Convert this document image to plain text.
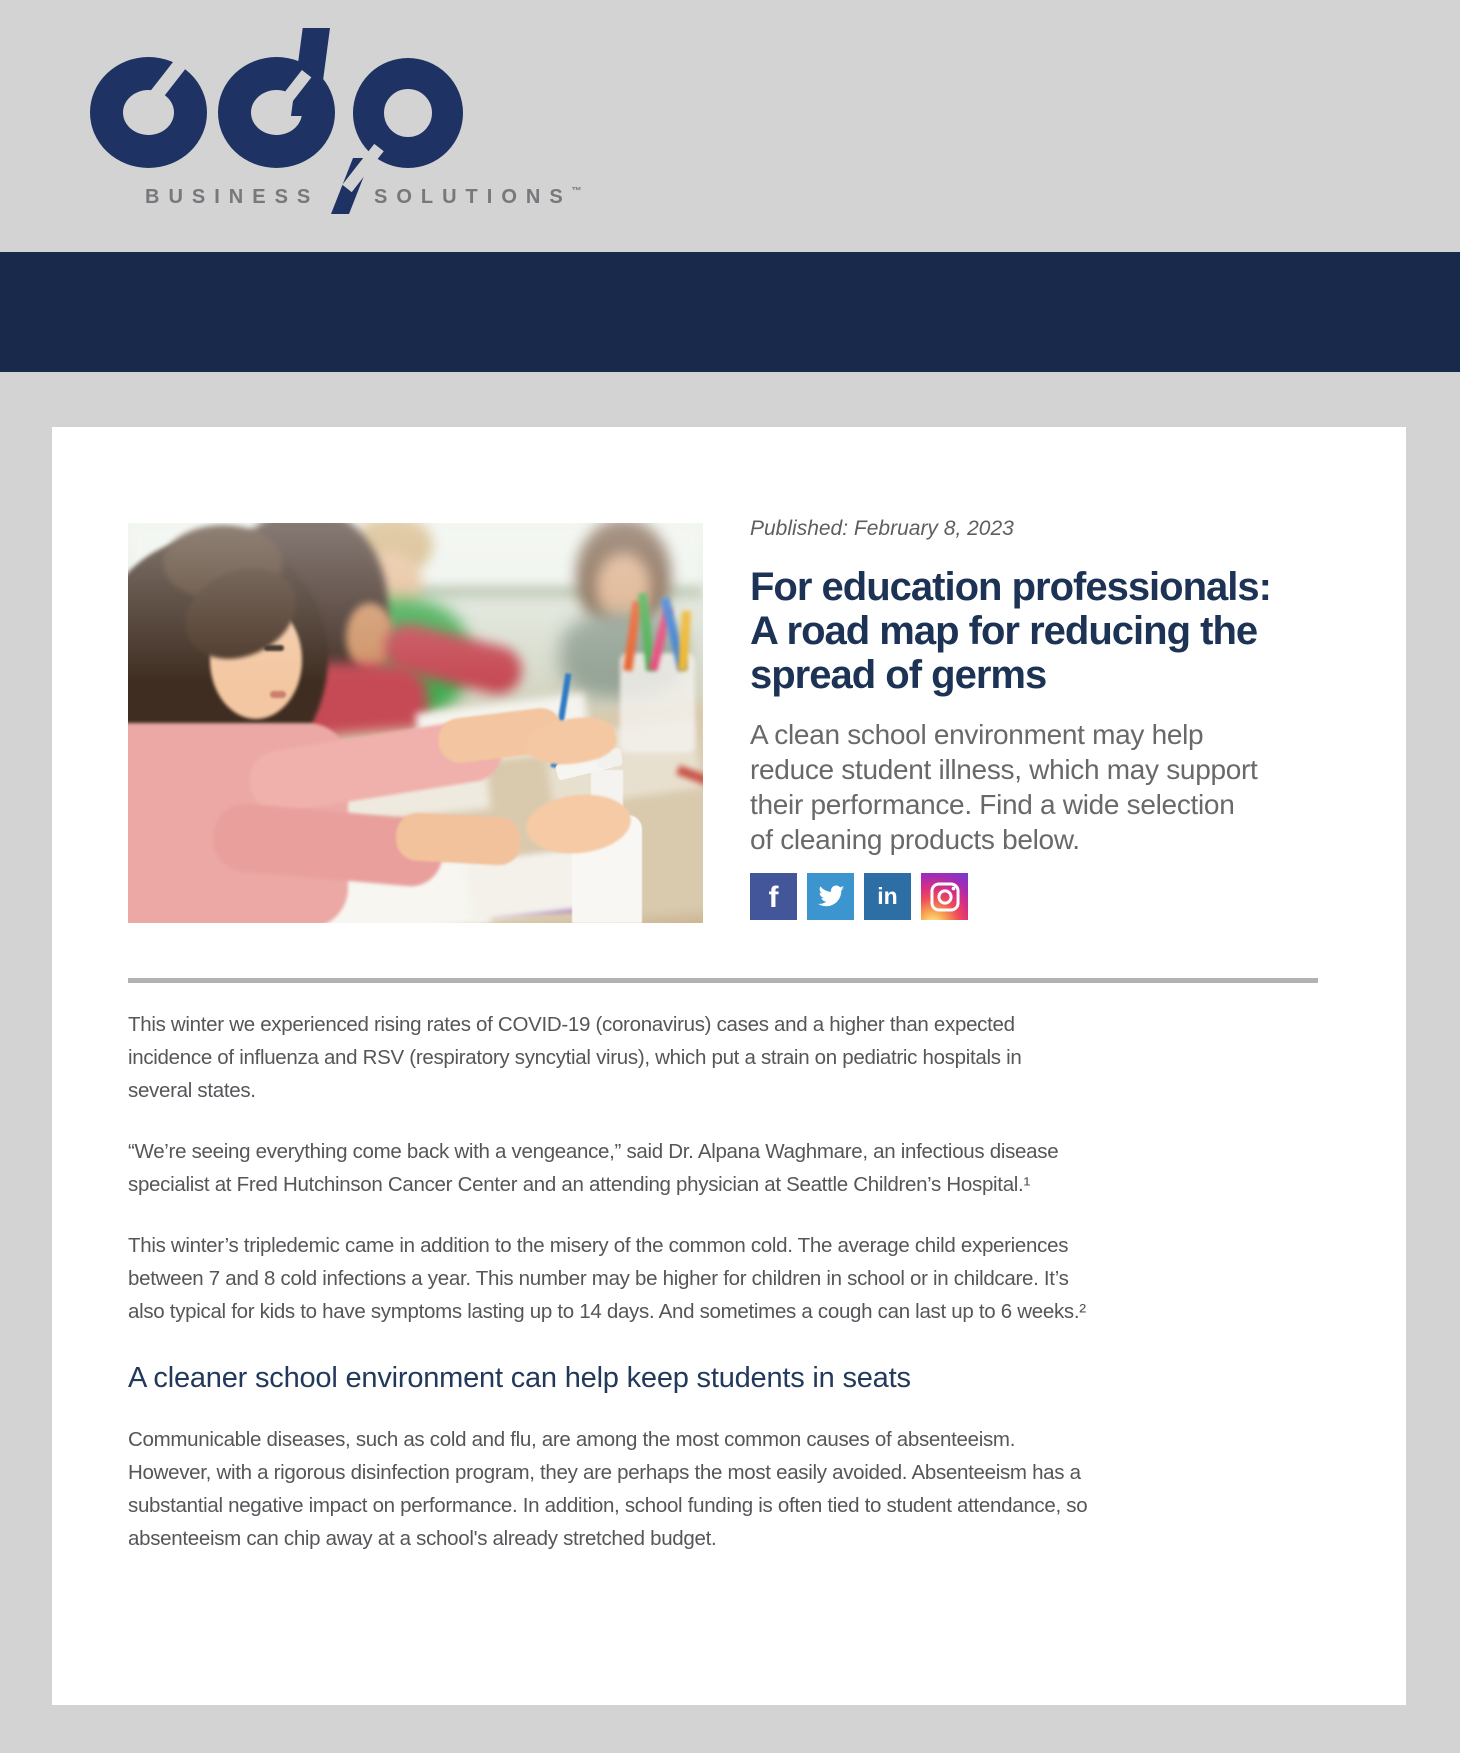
BUSINESS	SOLUTIONS™

Published: February 8, 2023

For education professionals:
A road map for reducing the
spread of germs
A clean school environment may help
reduce student illness, which may support
their performance. Find a wide selection
of cleaning products below.
f	in

This winter we experienced rising rates of COVID-19 (coronavirus) cases and a higher than expected incidence of influenza and RSV (respiratory syncytial virus), which put a strain on pediatric hospitals in several states.

“We’re seeing everything come back with a vengeance,” said Dr. Alpana Waghmare, an infectious disease specialist at Fred Hutchinson Cancer Center and an attending physician at Seattle Children’s Hospital.¹

This winter’s tripledemic came in addition to the misery of the common cold. The average child experiences between 7 and 8 cold infections a year. This number may be higher for children in school or in childcare. It’s also typical for kids to have symptoms lasting up to 14 days. And sometimes a cough can last up to 6 weeks.²

A cleaner school environment can help keep students in seats

Communicable diseases, such as cold and flu, are among the most common causes of absenteeism. However, with a rigorous disinfection program, they are perhaps the most easily avoided. Absenteeism has a substantial negative impact on performance. In addition, school funding is often tied to student attendance, so absenteeism can chip away at a school's already stretched budget.
